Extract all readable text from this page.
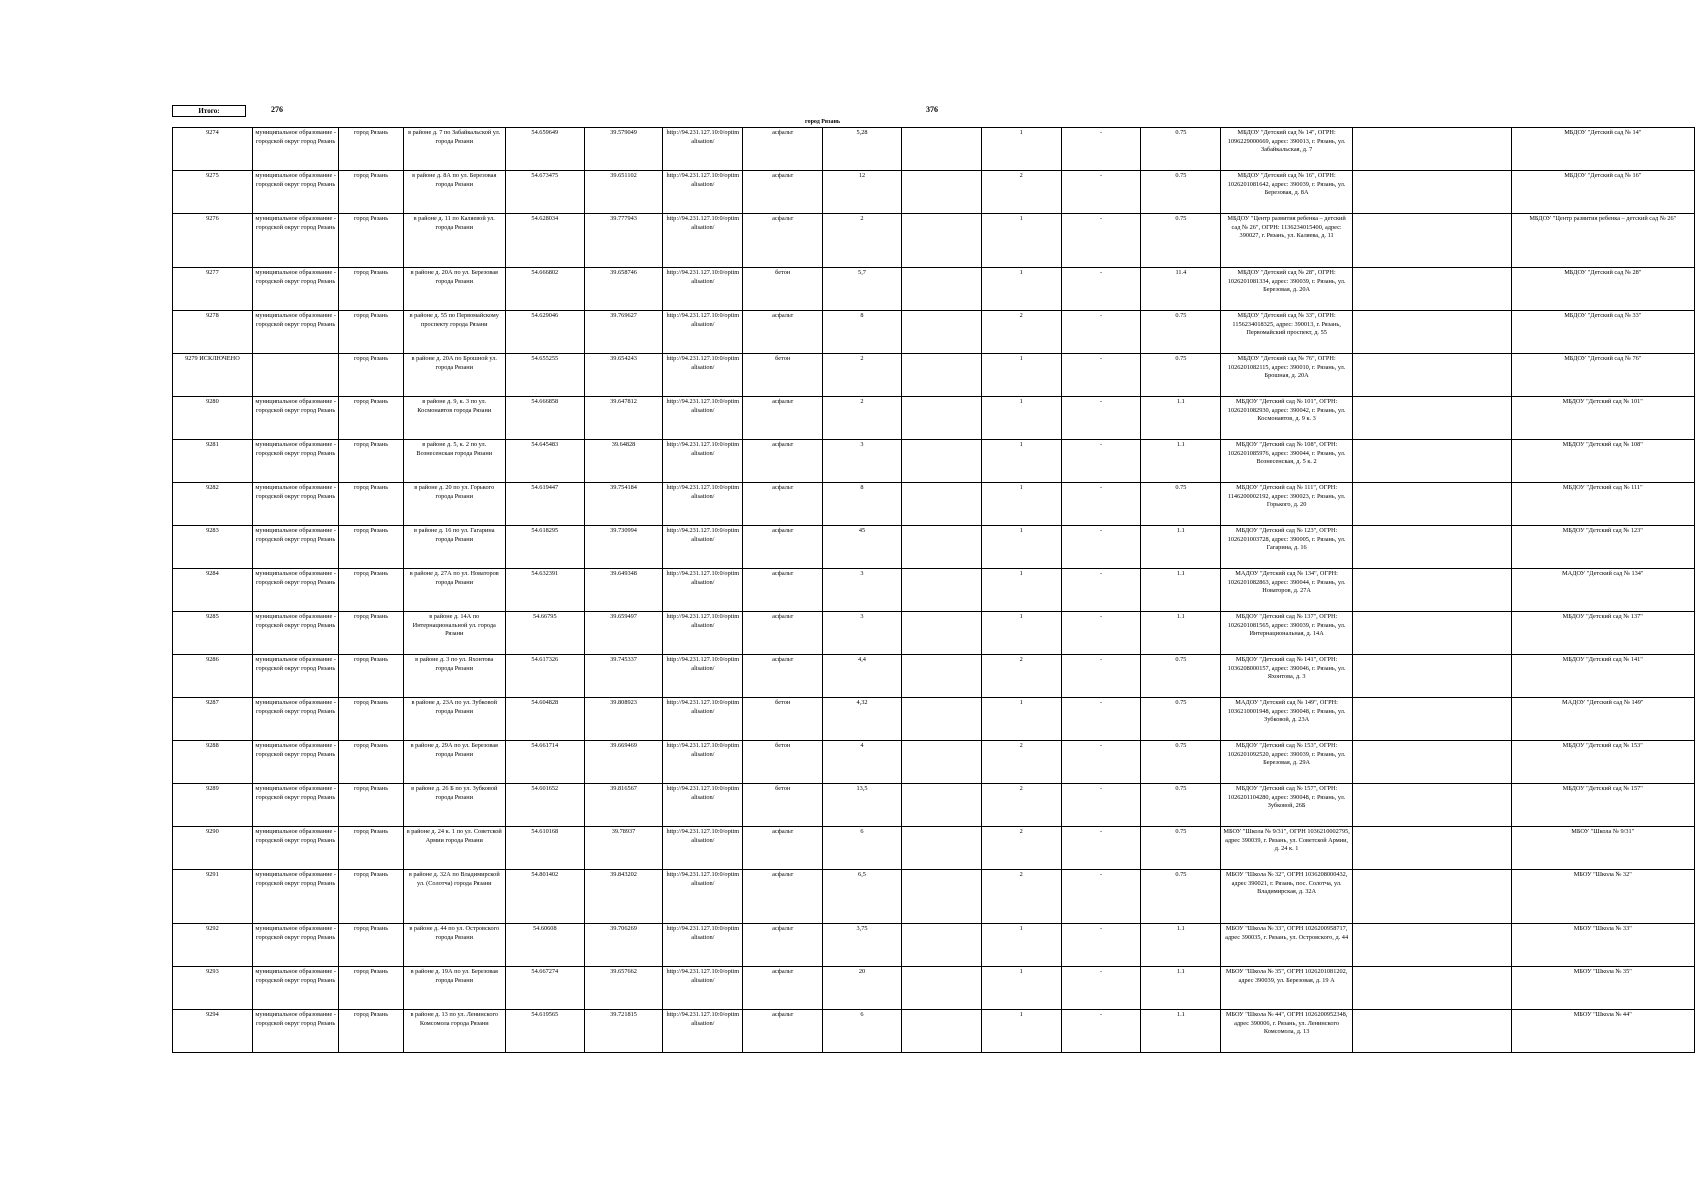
Итого:	276	376
город Рязань
9274	муниципальное образование - городской округ город Рязань	город Рязань	в районе д. 7 по Забайкальской ул. города Рязани	54.659649	39.579049	http://94.231.127.10:0/optimalisation/	асфальт	5,28		1	-	0.75	МБДОУ "Детский сад № 14", ОГРН: 1096229000669, адрес: 390013, г. Рязань, ул. Забайкальская, д. 7		МБДОУ "Детский сад № 14"
9275	муниципальное образование - городской округ город Рязань	город Рязань	в районе д. 8А по ул. Березовая города Рязани	54.673475	39.651102	http://94.231.127.10:0/optimalisation/	асфальт	12		2	-	0.75	МБДОУ "Детский сад № 16", ОГРН: 1026201081642, адрес: 390039, г. Рязань, ул. Березовая, д. 8А		МБДОУ "Детский сад № 16"
9276	муниципальное образование - городской округ город Рязань	город Рязань	в районе д. 11 по Каляевой ул. города Рязани	54.628034	39.777943	http://94.231.127.10:0/optimalisation/	асфальт	2		1	-	0.75	МБДОУ "Центр развития ребенка – детский сад № 26", ОГРН: 1136234015400, адрес: 390027, г. Рязань, ул. Каляева, д. 11		МБДОУ "Центр развития ребенка – детский сад № 26"
9277	муниципальное образование - городской округ город Рязань	город Рязань	в районе д. 20А по ул. Березовая города Рязани	54.666802	39.658746	http://94.231.127.10:0/optimalisation/	бетон	5,7		1	-	11.4	МБДОУ "Детский сад № 28", ОГРН: 1026201081334, адрес: 390039, г. Рязань, ул. Березовая, д. 20А		МБДОУ "Детский сад № 28"
9278	муниципальное образование - городской округ город Рязань	город Рязань	в районе д. 55 по Первомайскому проспекту города Рязани	54.629046	39.769627	http://94.231.127.10:0/optimalisation/	асфальт	8		2	-	0.75	МБДОУ "Детский сад № 33", ОГРН: 1156234018325, адрес: 390013, г. Рязань, Первомайский проспект, д. 55		МБДОУ "Детский сад № 33"
9279 ИСКЛЮЧЕНО		город Рязань	в районе д. 20А по Брошной ул. города Рязани	54.655255	39.654243	http://94.231.127.10:0/optimalisation/	бетон	2		1	-	0.75	МБДОУ "Детский сад № 76", ОГРН: 1026201082115, адрес: 390010, г. Рязань, ул. Брошная, д. 20А		МБДОУ "Детский сад № 76"
9280	муниципальное образование - городской округ город Рязань	город Рязань	в районе д. 9, к. 3 по ул. Космонавтов города Рязани	54.666858	39.647812	http://94.231.127.10:0/optimalisation/	асфальт	2		1	-	1.1	МБДОУ "Детский сад № 101", ОГРН: 1026201082930, адрес: 390042, г. Рязань, ул. Космонавтов, д. 9 к. 3		МБДОУ "Детский сад № 101"
9281	муниципальное образование - городской округ город Рязань	город Рязань	в районе д. 5, к. 2 по ул. Вознесенская города Рязани	54.645483	39.64828	http://94.231.127.10:0/optimalisation/	асфальт	3		1	-	1.1	МБДОУ "Детский сад № 108", ОГРН: 1026201085976, адрес: 390044, г. Рязань, ул. Вознесенская, д. 5 к. 2		МБДОУ "Детский сад № 108"
9282	муниципальное образование - городской округ город Рязань	город Рязань	в районе д. 20 по ул. Горького города Рязани	54.619447	39.754184	http://94.231.127.10:0/optimalisation/	асфальт	8		1	-	0.75	МБДОУ "Детский сад № 111", ОГРН: 1146200002192, адрес: 390023, г. Рязань, ул. Горького, д. 20		МБДОУ "Детский сад № 111"
9283	муниципальное образование - городской округ город Рязань	город Рязань	в районе д. 16 по ул. Гагарина города Рязани	54.618295	39.730994	http://94.231.127.10:0/optimalisation/	асфальт	45		1	-	1.1	МБДОУ "Детский сад № 123", ОГРН: 1026201003728, адрес: 390005, г. Рязань, ул. Гагарина, д. 16		МБДОУ "Детский сад № 123"
9284	муниципальное образование - городской округ город Рязань	город Рязань	в районе д. 27А по ул. Новаторов города Рязани	54.632391	39.649348	http://94.231.127.10:0/optimalisation/	асфальт	3		1	-	1.1	МАДОУ "Детский сад № 134", ОГРН: 1026201082863, адрес: 390044, г. Рязань, ул. Новаторов, д. 27А		МАДОУ "Детский сад № 134"
9285	муниципальное образование - городской округ город Рязань	город Рязань	в районе д. 14А по Интернациональной ул. города Рязани	54.66795	39.659497	http://94.231.127.10:0/optimalisation/	асфальт	3		1	-	1.1	МБДОУ "Детский сад № 137", ОГРН: 1026201081565, адрес: 390039, г. Рязань, ул. Интернациональная, д. 14А		МБДОУ "Детский сад № 137"
9286	муниципальное образование - городской округ город Рязань	город Рязань	в районе д. 3 по ул. Яхонтова города Рязани	54.617326	39.745337	http://94.231.127.10:0/optimalisation/	асфальт	4,4		2	-	0.75	МБДОУ "Детский сад № 141", ОГРН: 1036208000157, адрес: 390046, г. Рязань, ул. Яхонтова, д. 3		МБДОУ "Детский сад № 141"
9287	муниципальное образование - городской округ город Рязань	город Рязань	в районе д. 23А по ул. Зубковой города Рязани	54.604828	39.808923	http://94.231.127.10:0/optimalisation/	бетон	4,32		1	-	0.75	МАДОУ "Детский сад № 149", ОГРН: 1036210001948, адрес: 390048, г. Рязань, ул. Зубковой, д. 23А		МАДОУ "Детский сад № 149"
9288	муниципальное образование - городской округ город Рязань	город Рязань	в районе д. 29А по ул. Березовая города Рязани	54.661714	39.669469	http://94.231.127.10:0/optimalisation/	бетон	4		2	-	0.75	МБДОУ "Детский сад № 153", ОГРН: 1026201092520, адрес: 390039, г. Рязань, ул. Березовая, д. 29А		МБДОУ "Детский сад № 153"
9289	муниципальное образование - городской округ город Рязань	город Рязань	в районе д. 26 Б по ул. Зубковой города Рязани	54.601652	39.816567	http://94.231.127.10:0/optimalisation/	бетон	13,5		2	-	0.75	МБДОУ "Детский сад № 157", ОГРН: 1026201104280, адрес: 390048, г. Рязань, ул. Зубковой, 26Б		МБДОУ "Детский сад № 157"
9290	муниципальное образование - городской округ город Рязань	город Рязань	в районе д. 24 к. 1 по ул. Советской Армии города Рязани	54.610168	39.78937	http://94.231.127.10:0/optimalisation/	асфальт	6		2	-	0.75	МБОУ "Школа № 9/31", ОГРН 1036210002795, адрес 390039, г. Рязань, ул. Советской Армии, д. 24 к. 1		МБОУ "Школа № 9/31"
9291	муниципальное образование - городской округ город Рязань	город Рязань	в районе д. 32А по Владимирской ул. (Солотча) города Рязани	54.801402	39.843202	http://94.231.127.10:0/optimalisation/	асфальт	6,5		2	-	0.75	МБОУ "Школа № 32", ОГРН 1036208000432, адрес 390021, г. Рязань, пос. Солотча, ул. Владимирская, д. 32А		МБОУ "Школа № 32"
9292	муниципальное образование - городской округ город Рязань	город Рязань	в районе д. 44 по ул. Островского города Рязани	54.60608	39.706269	http://94.231.127.10:0/optimalisation/	асфальт	3,75		1	-	1.1	МБОУ "Школа № 33", ОГРН 1026200958717, адрес 390035, г. Рязань, ул. Островского, д. 44		МБОУ "Школа № 33"
9293	муниципальное образование - городской округ город Рязань	город Рязань	в районе д. 19А по ул. Березовая города Рязани	54.667274	39.657662	http://94.231.127.10:0/optimalisation/	асфальт	20		1	-	1.1	МБОУ "Школа № 35", ОГРН 1026201081202, адрес 390039, ул. Березовая, д. 19 А		МБОУ "Школа № 35"
9294	муниципальное образование - городской округ город Рязань	город Рязань	в районе д. 13 по ул. Ленинского Комсомола города Рязани	54.619565	39.721815	http://94.231.127.10:0/optimalisation/	асфальт	6		1	-	1.1	МБОУ "Школа № 44", ОГРН 1026200952348, адрес 390006, г. Рязань, ул. Ленинского Комсомола, д. 13		МБОУ "Школа № 44"
